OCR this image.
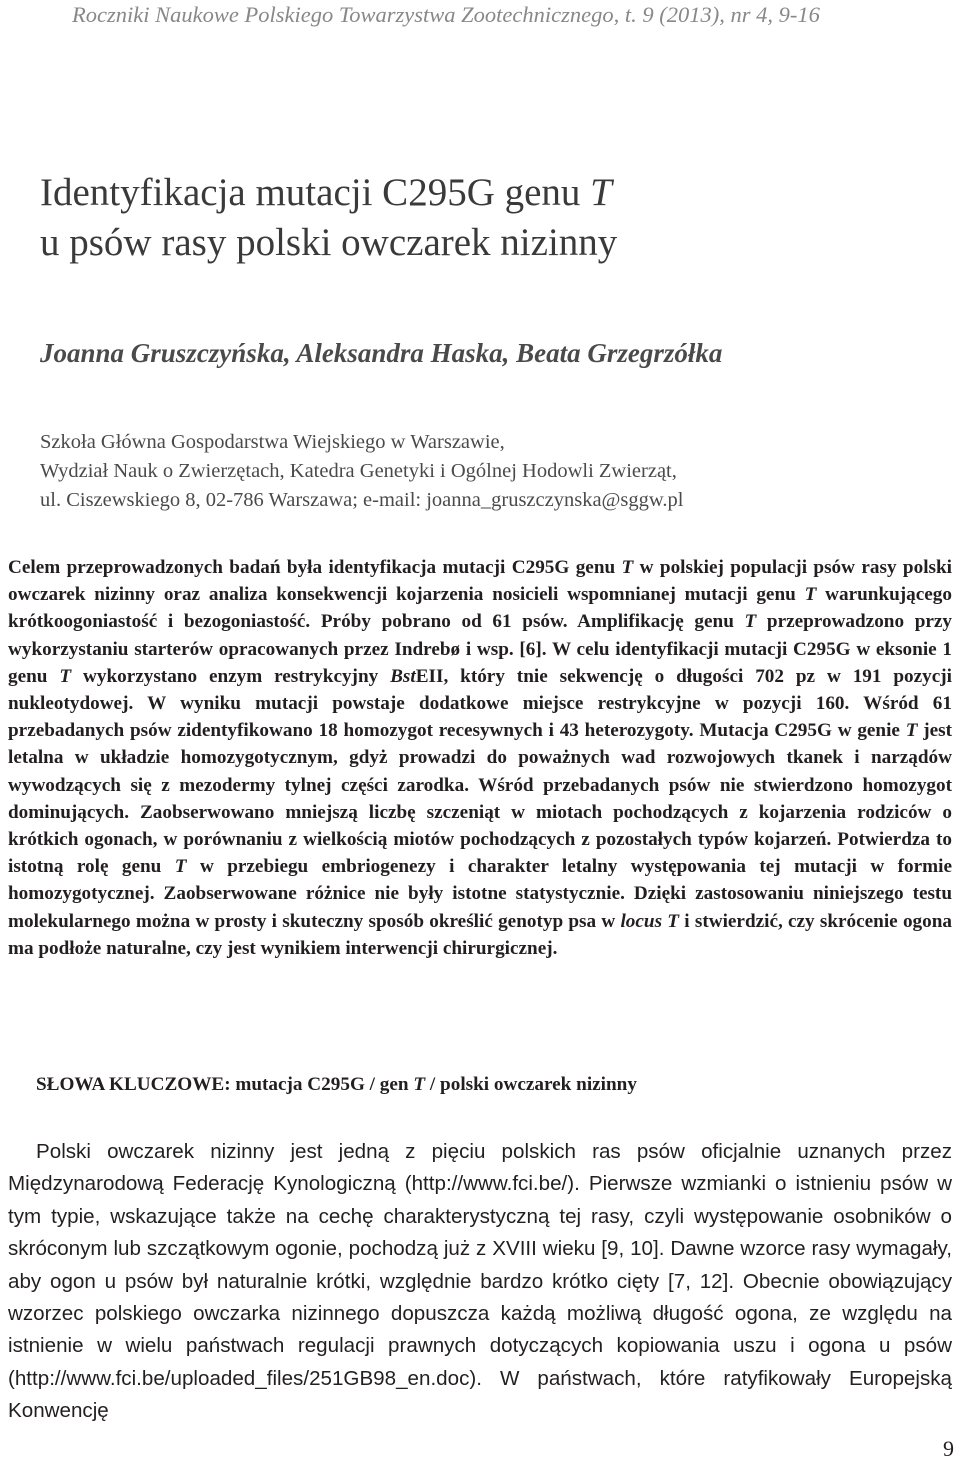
Roczniki Naukowe Polskiego Towarzystwa Zootechnicznego, t. 9 (2013), nr 4, 9-16
Identyfikacja mutacji C295G genu T
u psów rasy polski owczarek nizinny
Joanna Gruszczyńska, Aleksandra Haska, Beata Grzegrzółka
Szkoła Główna Gospodarstwa Wiejskiego w Warszawie,
Wydział Nauk o Zwierzętach, Katedra Genetyki i Ogólnej Hodowli Zwierząt,
ul. Ciszewskiego 8, 02-786 Warszawa; e-mail: joanna_gruszczynska@sggw.pl
Celem przeprowadzonych badań była identyfikacja mutacji C295G genu T w polskiej populacji psów rasy polski owczarek nizinny oraz analiza konsekwencji kojarzenia nosicieli wspomnianej mutacji genu T warunkującego krótkoogoniastość i bezogoniastość. Próby pobrano od 61 psów. Amplifikację genu T przeprowadzono przy wykorzystaniu starterów opracowanych przez Indrebø i wsp. [6]. W celu identyfikacji mutacji C295G w eksonie 1 genu T wykorzystano enzym restrykcyjny BstEII, który tnie sekwencję o długości 702 pz w 191 pozycji nukleotydowej. W wyniku mutacji powstaje dodatkowe miejsce restrykcyjne w pozycji 160. Wśród 61 przebadanych psów zidentyfikowano 18 homozygot recesywnych i 43 heterozygoty. Mutacja C295G w genie T jest letalna w układzie homozygotycznym, gdyż prowadzi do poważnych wad rozwojowych tkanek i narządów wywodzących się z mezodermy tylnej części zarodka. Wśród przebadanych psów nie stwierdzono homozygot dominujących. Zaobserwowano mniejszą liczbę szczeniąt w miotach pochodzących z kojarzenia rodziców o krótkich ogonach, w porównaniu z wielkością miotów pochodzących z pozostałych typów kojarzeń. Potwierdza to istotną rolę genu T w przebiegu embriogenezy i charakter letalny występowania tej mutacji w formie homozygotycznej. Zaobserwowane różnice nie były istotne statystycznie. Dzięki zastosowaniu niniejszego testu molekularnego można w prosty i skuteczny sposób określić genotyp psa w locus T i stwierdzić, czy skrócenie ogona ma podłoże naturalne, czy jest wynikiem interwencji chirurgicznej.
SŁOWA KLUCZOWE: mutacja C295G / gen T / polski owczarek nizinny
Polski owczarek nizinny jest jedną z pięciu polskich ras psów oficjalnie uznanych przez Międzynarodową Federację Kynologiczną (http://www.fci.be/). Pierwsze wzmianki o istnieniu psów w tym typie, wskazujące także na cechę charakterystyczną tej rasy, czyli występowanie osobników o skróconym lub szczątkowym ogonie, pochodzą już z XVIII wieku [9, 10]. Dawne wzorce rasy wymagały, aby ogon u psów był naturalnie krótki, względnie bardzo krótko cięty [7, 12]. Obecnie obowiązujący wzorzec polskiego owczarka nizinnego dopuszcza każdą możliwą długość ogona, ze względu na istnienie w wielu państwach regulacji prawnych dotyczących kopiowania uszu i ogona u psów (http://www.fci.be/uploaded_files/251GB98_en.doc). W państwach, które ratyfikowały Europejską Konwencję
9
